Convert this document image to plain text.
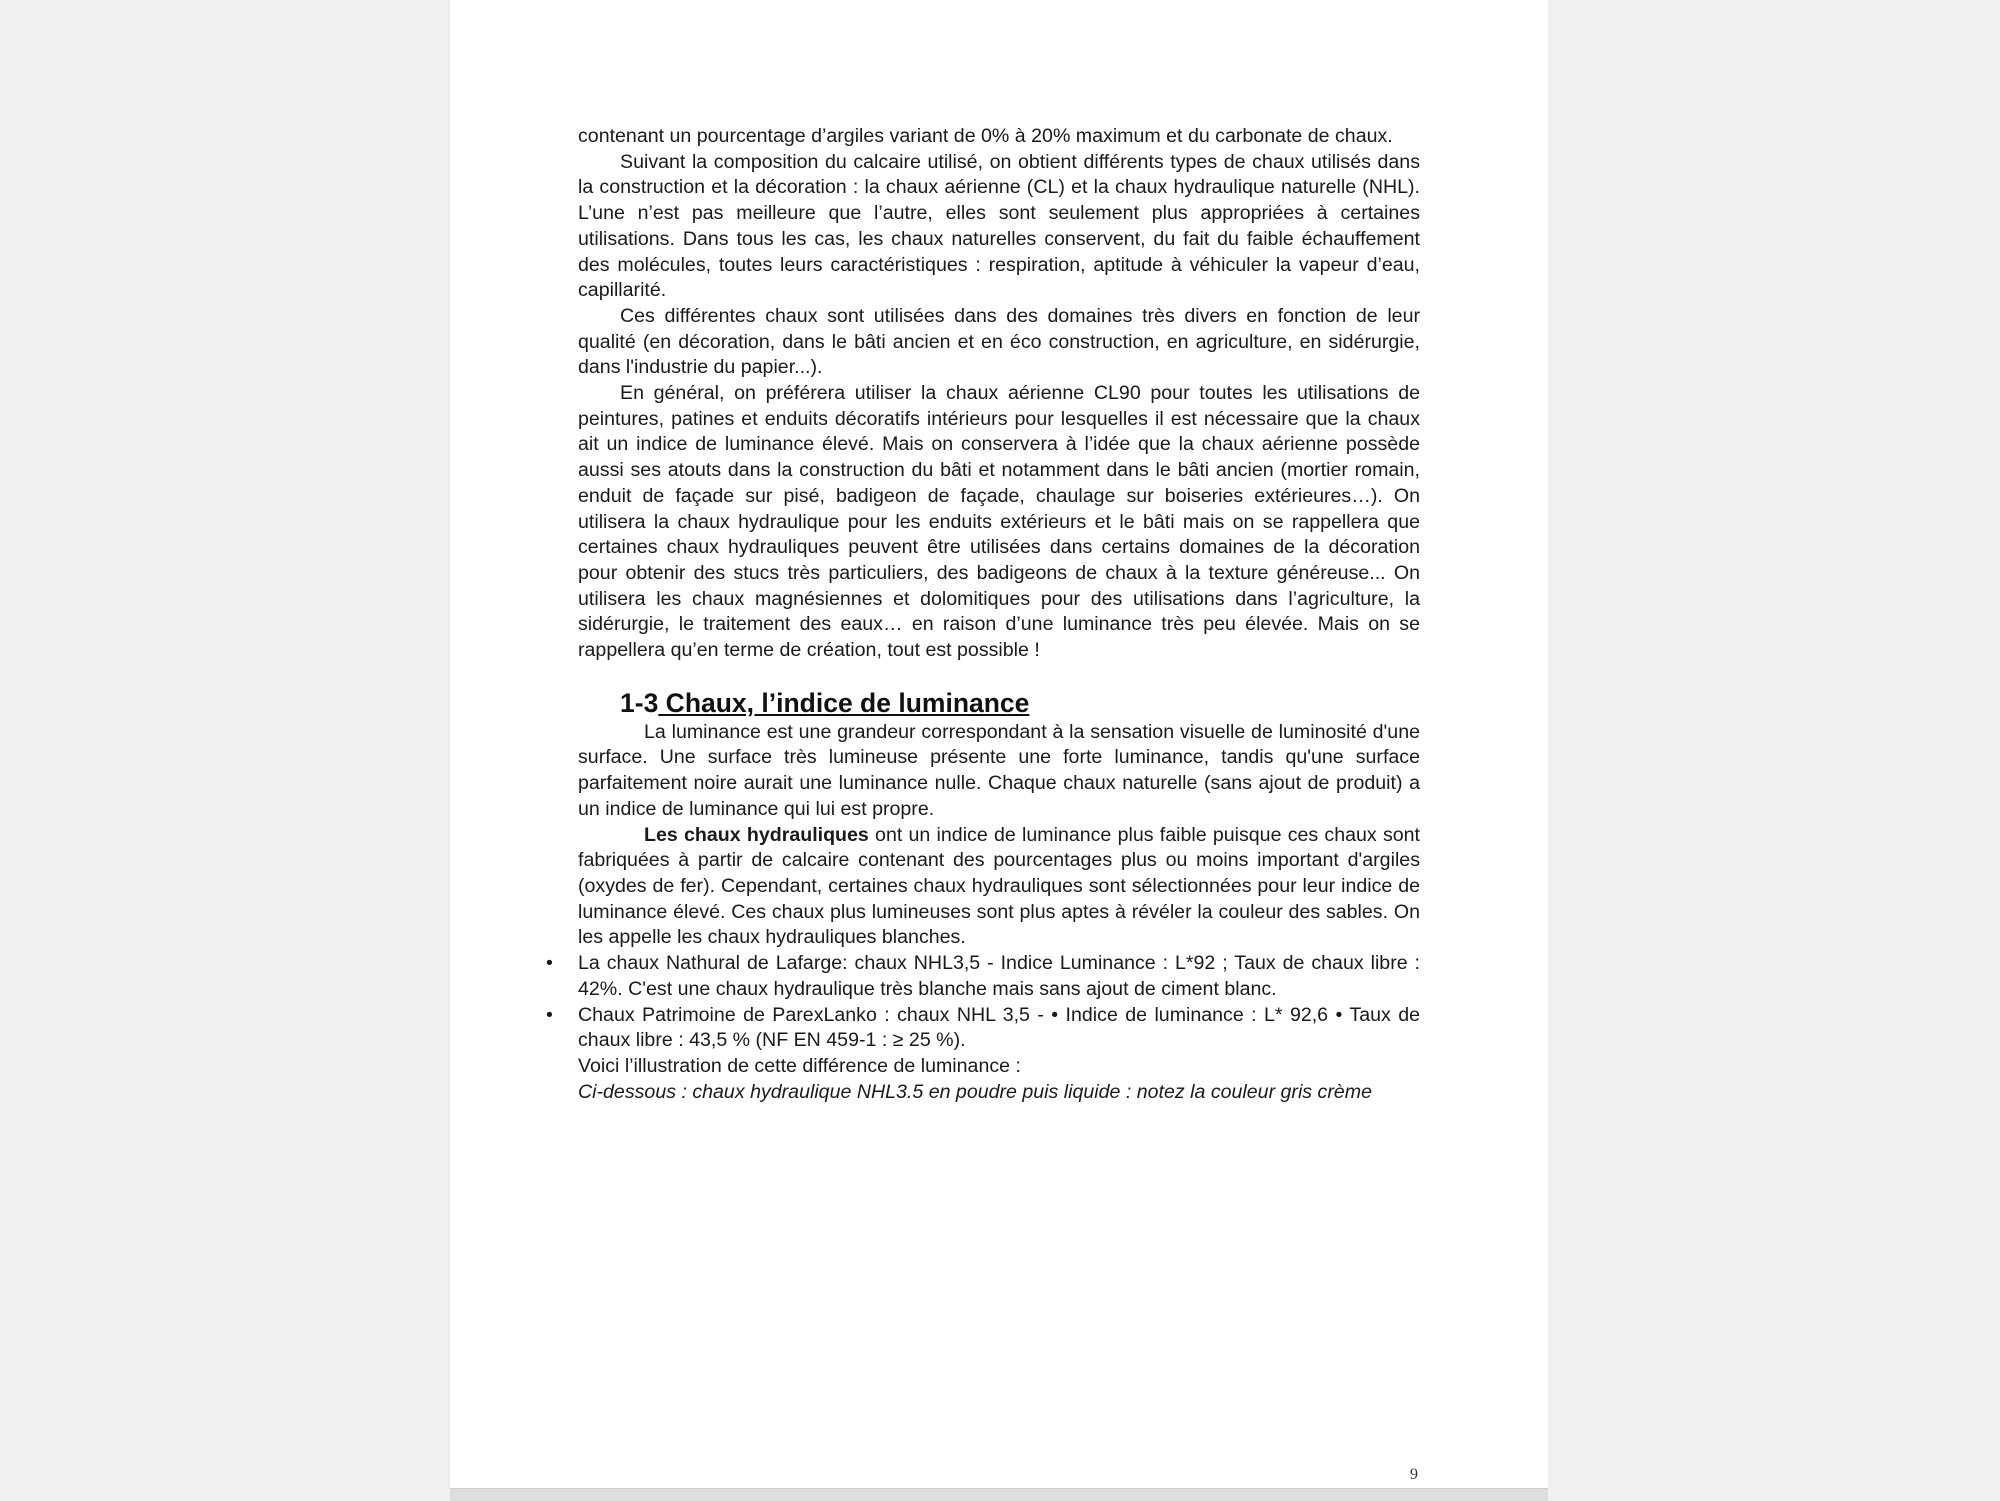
contenant un pourcentage d’argiles variant de 0% à 20% maximum et du carbonate de chaux.

Suivant la composition du calcaire utilisé, on obtient différents types de chaux utilisés dans la construction et la décoration : la chaux aérienne (CL) et la chaux hydraulique naturelle (NHL). L’une n’est pas meilleure que l’autre, elles sont seulement plus appropriées à certaines utilisations. Dans tous les cas, les chaux naturelles conservent, du fait du faible échauffement des molécules, toutes leurs caractéristiques : respiration, aptitude à véhiculer la vapeur d’eau, capillarité.

Ces différentes chaux sont utilisées dans des domaines très divers en fonction de leur qualité (en décoration, dans le bâti ancien et en éco construction, en agriculture, en sidérurgie, dans l'industrie du papier...).

En général, on préférera utiliser la chaux aérienne CL90 pour toutes les utilisations de peintures, patines et enduits décoratifs intérieurs pour lesquelles il est nécessaire que la chaux ait un indice de luminance élevé. Mais on conservera à l’idée que la chaux aérienne possède aussi ses atouts dans la construction du bâti et notamment dans le bâti ancien (mortier romain, enduit de façade sur pisé, badigeon de façade, chaulage sur boiseries extérieures…). On utilisera la chaux hydraulique pour les enduits extérieurs et le bâti mais on se rappellera que certaines chaux hydrauliques peuvent être utilisées dans certains domaines de la décoration pour obtenir des stucs très particuliers, des badigeons de chaux à la texture généreuse... On utilisera les chaux magnésiennes et dolomitiques pour des utilisations dans l’agriculture, la sidérurgie, le traitement des eaux… en raison d’une luminance très peu élevée. Mais on se rappellera qu’en terme de création, tout est possible !

1-3 Chaux, l’indice de luminance

La luminance est une grandeur correspondant à la sensation visuelle de luminosité d'une surface. Une surface très lumineuse présente une forte luminance, tandis qu'une surface parfaitement noire aurait une luminance nulle. Chaque chaux naturelle (sans ajout de produit) a un indice de luminance qui lui est propre.

Les chaux hydrauliques ont un indice de luminance plus faible puisque ces chaux sont fabriquées à partir de calcaire contenant des pourcentages plus ou moins important d'argiles (oxydes de fer). Cependant, certaines chaux hydrauliques sont sélectionnées pour leur indice de luminance élevé. Ces chaux plus lumineuses sont plus aptes à révéler la couleur des sables. On les appelle les chaux hydrauliques blanches.

• La chaux Nathural de Lafarge: chaux NHL3,5 - Indice Luminance : L*92 ; Taux de chaux libre : 42%. C'est une chaux hydraulique très blanche mais sans ajout de ciment blanc.
• Chaux Patrimoine de ParexLanko : chaux NHL 3,5 - • Indice de luminance : L* 92,6 • Taux de chaux libre : 43,5 % (NF EN 459-1 : ≥ 25 %).

Voici l’illustration de cette différence de luminance :

Ci-dessous : chaux hydraulique NHL3.5 en poudre puis liquide : notez la couleur gris crème

9
